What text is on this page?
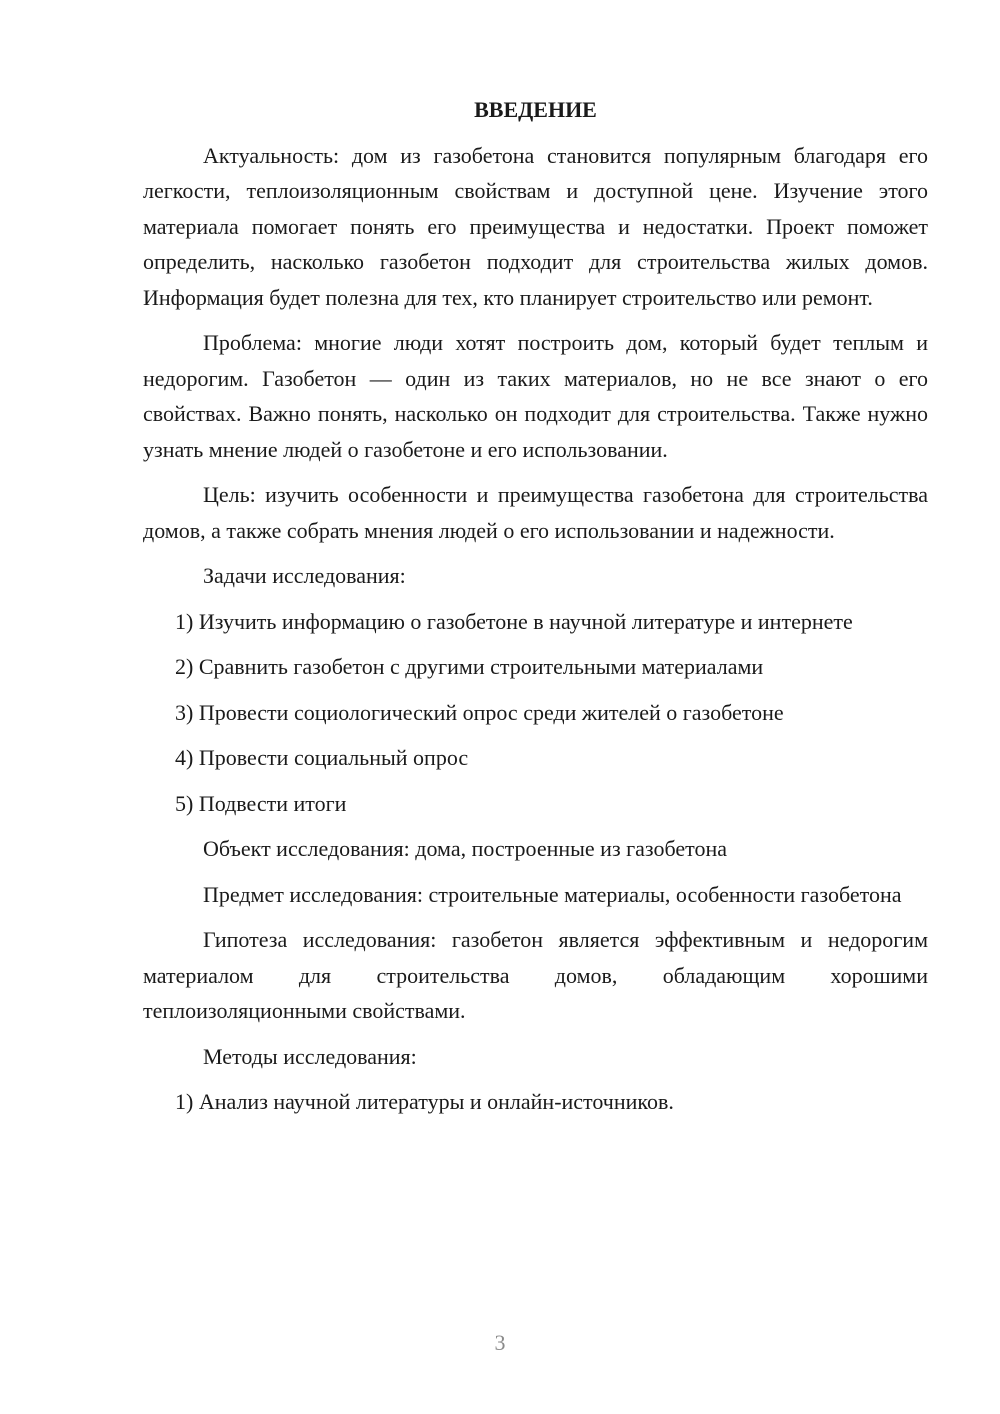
ВВЕДЕНИЕ

Актуальность: дом из газобетона становится популярным благодаря его легкости, теплоизоляционным свойствам и доступной цене. Изучение этого материала помогает понять его преимущества и недостатки. Проект поможет определить, насколько газобетон подходит для строительства жилых домов. Информация будет полезна для тех, кто планирует строительство или ремонт.

Проблема: многие люди хотят построить дом, который будет теплым и недорогим. Газобетон — один из таких материалов, но не все знают о его свойствах. Важно понять, насколько он подходит для строительства. Также нужно узнать мнение людей о газобетоне и его использовании.

Цель: изучить особенности и преимущества газобетона для строительства домов, а также собрать мнения людей о его использовании и надежности.

Задачи исследования:

1) Изучить информацию о газобетоне в научной литературе и интернете

2) Сравнить газобетон с другими строительными материалами

3) Провести социологический опрос среди жителей о газобетоне

4) Провести социальный опрос

5) Подвести итоги

Объект исследования: дома, построенные из газобетона

Предмет исследования: строительные материалы, особенности газобетона

Гипотеза исследования: газобетон является эффективным и недорогим материалом для строительства домов, обладающим хорошими теплоизоляционными свойствами.

Методы исследования:

1) Анализ научной литературы и онлайн-источников.

3
